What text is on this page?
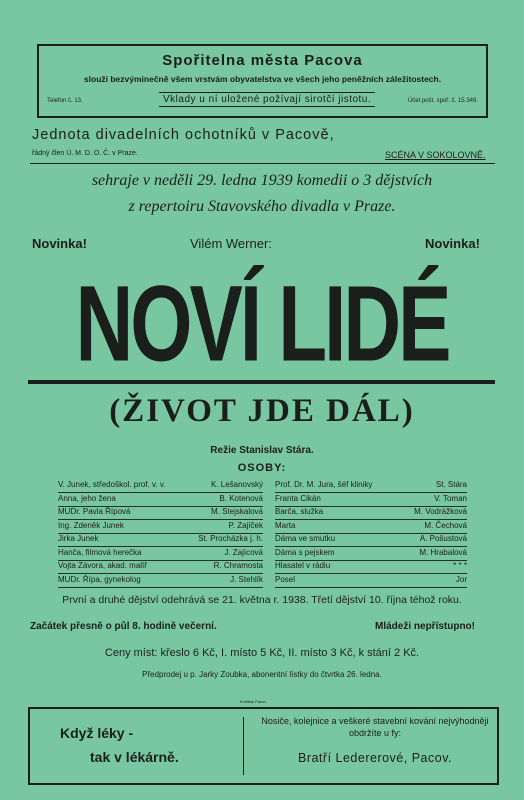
Spořitelna města Pacova
slouží bezvýminečně všem vrstvám obyvatelstva ve všech jeho peněžních záležitostech.
Telefon č. 13.	Vklady u ní uložené požívají sirotčí jistotu.	Účet pošt. spoř. č. 15.349.
Jednota divadelních ochotníků v Pacově,
řádný člen Ú. M. D. O. Č. v Praze.	SCÉNA V SOKOLOVNĚ.
sehraje v neděli 29. ledna 1939 komedii o 3 dějstvích
z repertoiru Stavovského divadla v Praze.
Novinka!	Vilém Werner:	Novinka!
NOVÍ LIDÉ
(ŽIVOT JDE DÁL)
Režie Stanislav Stára.
OSOBY:
V. Junek, středoškol. prof. v. v.	K. Lešanovský
Anna, jeho žena	B. Kotenová
MUDr. Pavla Řípová	M. Stejskalová
Ing. Zdeněk Junek	P. Zajíček
Jirka Junek	St. Procházka j. h.
Hanča, filmová herečka	J. Zajícová
Vojta Závora, akad. malíř	R. Chramosta
MUDr. Řípa, gynekolog	J. Stehlík
Prof. Dr. M. Jura, šéf kliniky	St. Stára
Franta Cikán	V. Toman
Barča, služka	M. Vodrážková
Marta	M. Čechová
Dáma ve smutku	A. Pošustová
Dáma s pejskem	M. Hrabalová
Hlasatel v rádiu	* * *
Posel	Jor
První a druhé dějství odehrává se 21. května r. 1938. Třetí dějství 10. října téhož roku.
Začátek přesně o půl 8. hodině večerní.	Mládeži nepřístupno!
Ceny míst: křeslo 6 Kč, I. místo 5 Kč, II. místo 3 Kč, k stání 2 Kč.
Předprodej u p. Jarky Zoubka, abonentní lístky do čtvrtka 26. ledna.
Knihtisk Pacov
Když léky -
tak v lékárně.
Nosiče, kolejnice a veškeré stavební kování nejvýhodněji obdržíte u fy:
Bratří Ledererové, Pacov.
